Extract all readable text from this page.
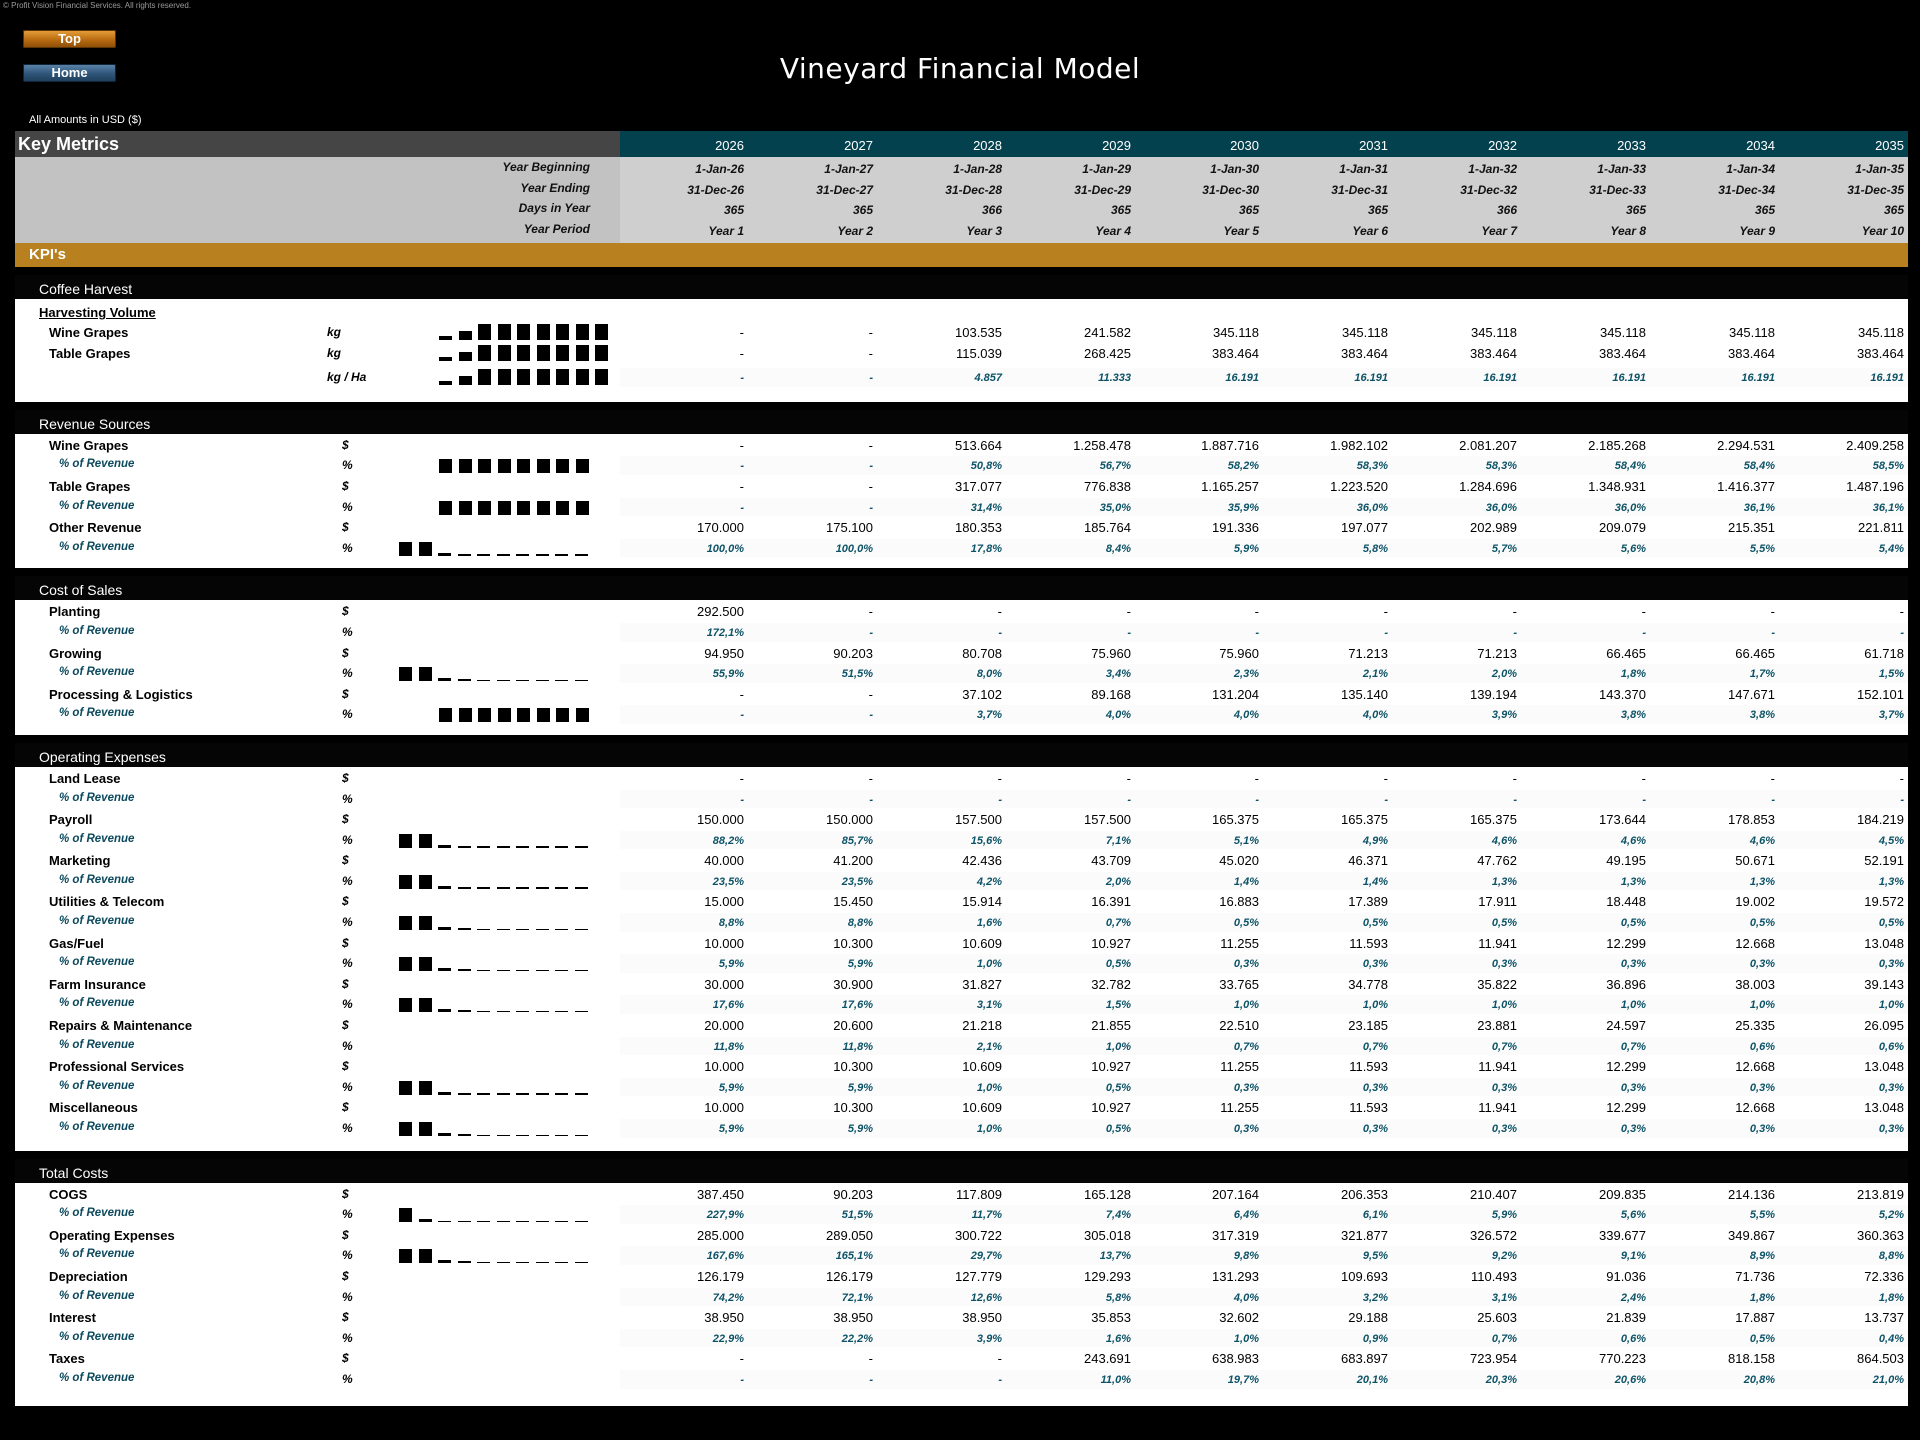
© Profit Vision Financial Services. All rights reserved.
Top
Home	Vineyard Financial Model
All Amounts in USD ($)
Key Metrics	2026	2027	2028	2029	2030	2031	2032	2033	2034	2035
Year Beginning	1-Jan-26	1-Jan-27	1-Jan-28	1-Jan-29	1-Jan-30	1-Jan-31	1-Jan-32	1-Jan-33	1-Jan-34	1-Jan-35
Year Ending	31-Dec-26	31-Dec-27	31-Dec-28	31-Dec-29	31-Dec-30	31-Dec-31	31-Dec-32	31-Dec-33	31-Dec-34	31-Dec-35
Days in Year	365	365	366	365	365	365	366	365	365	365
Year Period	Year 1	Year 2	Year 3	Year 4	Year 5	Year 6	Year 7	Year 8	Year 9	Year 10
KPI's
Coffee Harvest
Harvesting Volume
Wine Grapes	kg	-	-	103.535	241.582	345.118	345.118	345.118	345.118	345.118	345.118
Table Grapes	kg	-	-	115.039	268.425	383.464	383.464	383.464	383.464	383.464	383.464
kg / Ha	-	-	4.857	11.333	16.191	16.191	16.191	16.191	16.191	16.191
Revenue Sources
Wine Grapes	$	-	-	513.664	1.258.478	1.887.716	1.982.102	2.081.207	2.185.268	2.294.531	2.409.258
% of Revenue	%	-	-	50,8%	56,7%	58,2%	58,3%	58,3%	58,4%	58,4%	58,5%
Table Grapes	$	-	-	317.077	776.838	1.165.257	1.223.520	1.284.696	1.348.931	1.416.377	1.487.196
% of Revenue	%	-	-	31,4%	35,0%	35,9%	36,0%	36,0%	36,0%	36,1%	36,1%
Other Revenue	$	170.000	175.100	180.353	185.764	191.336	197.077	202.989	209.079	215.351	221.811
% of Revenue	%	100,0%	100,0%	17,8%	8,4%	5,9%	5,8%	5,7%	5,6%	5,5%	5,4%
Cost of Sales
Planting	$	292.500	-	-	-	-	-	-	-	-	-
% of Revenue	%	172,1%	-	-	-	-	-	-	-	-	-
Growing	$	94.950	90.203	80.708	75.960	75.960	71.213	71.213	66.465	66.465	61.718
% of Revenue	%	55,9%	51,5%	8,0%	3,4%	2,3%	2,1%	2,0%	1,8%	1,7%	1,5%
Processing & Logistics	$	-	-	37.102	89.168	131.204	135.140	139.194	143.370	147.671	152.101
% of Revenue	%	-	-	3,7%	4,0%	4,0%	4,0%	3,9%	3,8%	3,8%	3,7%
Operating Expenses
Land Lease	$	-	-	-	-	-	-	-	-	-	-
% of Revenue	%	-	-	-	-	-	-	-	-	-	-
Payroll	$	150.000	150.000	157.500	157.500	165.375	165.375	165.375	173.644	178.853	184.219
% of Revenue	%	88,2%	85,7%	15,6%	7,1%	5,1%	4,9%	4,6%	4,6%	4,6%	4,5%
Marketing	$	40.000	41.200	42.436	43.709	45.020	46.371	47.762	49.195	50.671	52.191
% of Revenue	%	23,5%	23,5%	4,2%	2,0%	1,4%	1,4%	1,3%	1,3%	1,3%	1,3%
Utilities & Telecom	$	15.000	15.450	15.914	16.391	16.883	17.389	17.911	18.448	19.002	19.572
% of Revenue	%	8,8%	8,8%	1,6%	0,7%	0,5%	0,5%	0,5%	0,5%	0,5%	0,5%
Gas/Fuel	$	10.000	10.300	10.609	10.927	11.255	11.593	11.941	12.299	12.668	13.048
% of Revenue	%	5,9%	5,9%	1,0%	0,5%	0,3%	0,3%	0,3%	0,3%	0,3%	0,3%
Farm Insurance	$	30.000	30.900	31.827	32.782	33.765	34.778	35.822	36.896	38.003	39.143
% of Revenue	%	17,6%	17,6%	3,1%	1,5%	1,0%	1,0%	1,0%	1,0%	1,0%	1,0%
Repairs & Maintenance	$	20.000	20.600	21.218	21.855	22.510	23.185	23.881	24.597	25.335	26.095
% of Revenue	%	11,8%	11,8%	2,1%	1,0%	0,7%	0,7%	0,7%	0,7%	0,6%	0,6%
Professional Services	$	10.000	10.300	10.609	10.927	11.255	11.593	11.941	12.299	12.668	13.048
% of Revenue	%	5,9%	5,9%	1,0%	0,5%	0,3%	0,3%	0,3%	0,3%	0,3%	0,3%
Miscellaneous	$	10.000	10.300	10.609	10.927	11.255	11.593	11.941	12.299	12.668	13.048
% of Revenue	%	5,9%	5,9%	1,0%	0,5%	0,3%	0,3%	0,3%	0,3%	0,3%	0,3%
Total Costs
COGS	$	387.450	90.203	117.809	165.128	207.164	206.353	210.407	209.835	214.136	213.819
% of Revenue	%	227,9%	51,5%	11,7%	7,4%	6,4%	6,1%	5,9%	5,6%	5,5%	5,2%
Operating Expenses	$	285.000	289.050	300.722	305.018	317.319	321.877	326.572	339.677	349.867	360.363
% of Revenue	%	167,6%	165,1%	29,7%	13,7%	9,8%	9,5%	9,2%	9,1%	8,9%	8,8%
Depreciation	$	126.179	126.179	127.779	129.293	131.293	109.693	110.493	91.036	71.736	72.336
% of Revenue	%	74,2%	72,1%	12,6%	5,8%	4,0%	3,2%	3,1%	2,4%	1,8%	1,8%
Interest	$	38.950	38.950	38.950	35.853	32.602	29.188	25.603	21.839	17.887	13.737
% of Revenue	%	22,9%	22,2%	3,9%	1,6%	1,0%	0,9%	0,7%	0,6%	0,5%	0,4%
Taxes	$	-	-	-	243.691	638.983	683.897	723.954	770.223	818.158	864.503
% of Revenue	%	-	-	-	11,0%	19,7%	20,1%	20,3%	20,6%	20,8%	21,0%
